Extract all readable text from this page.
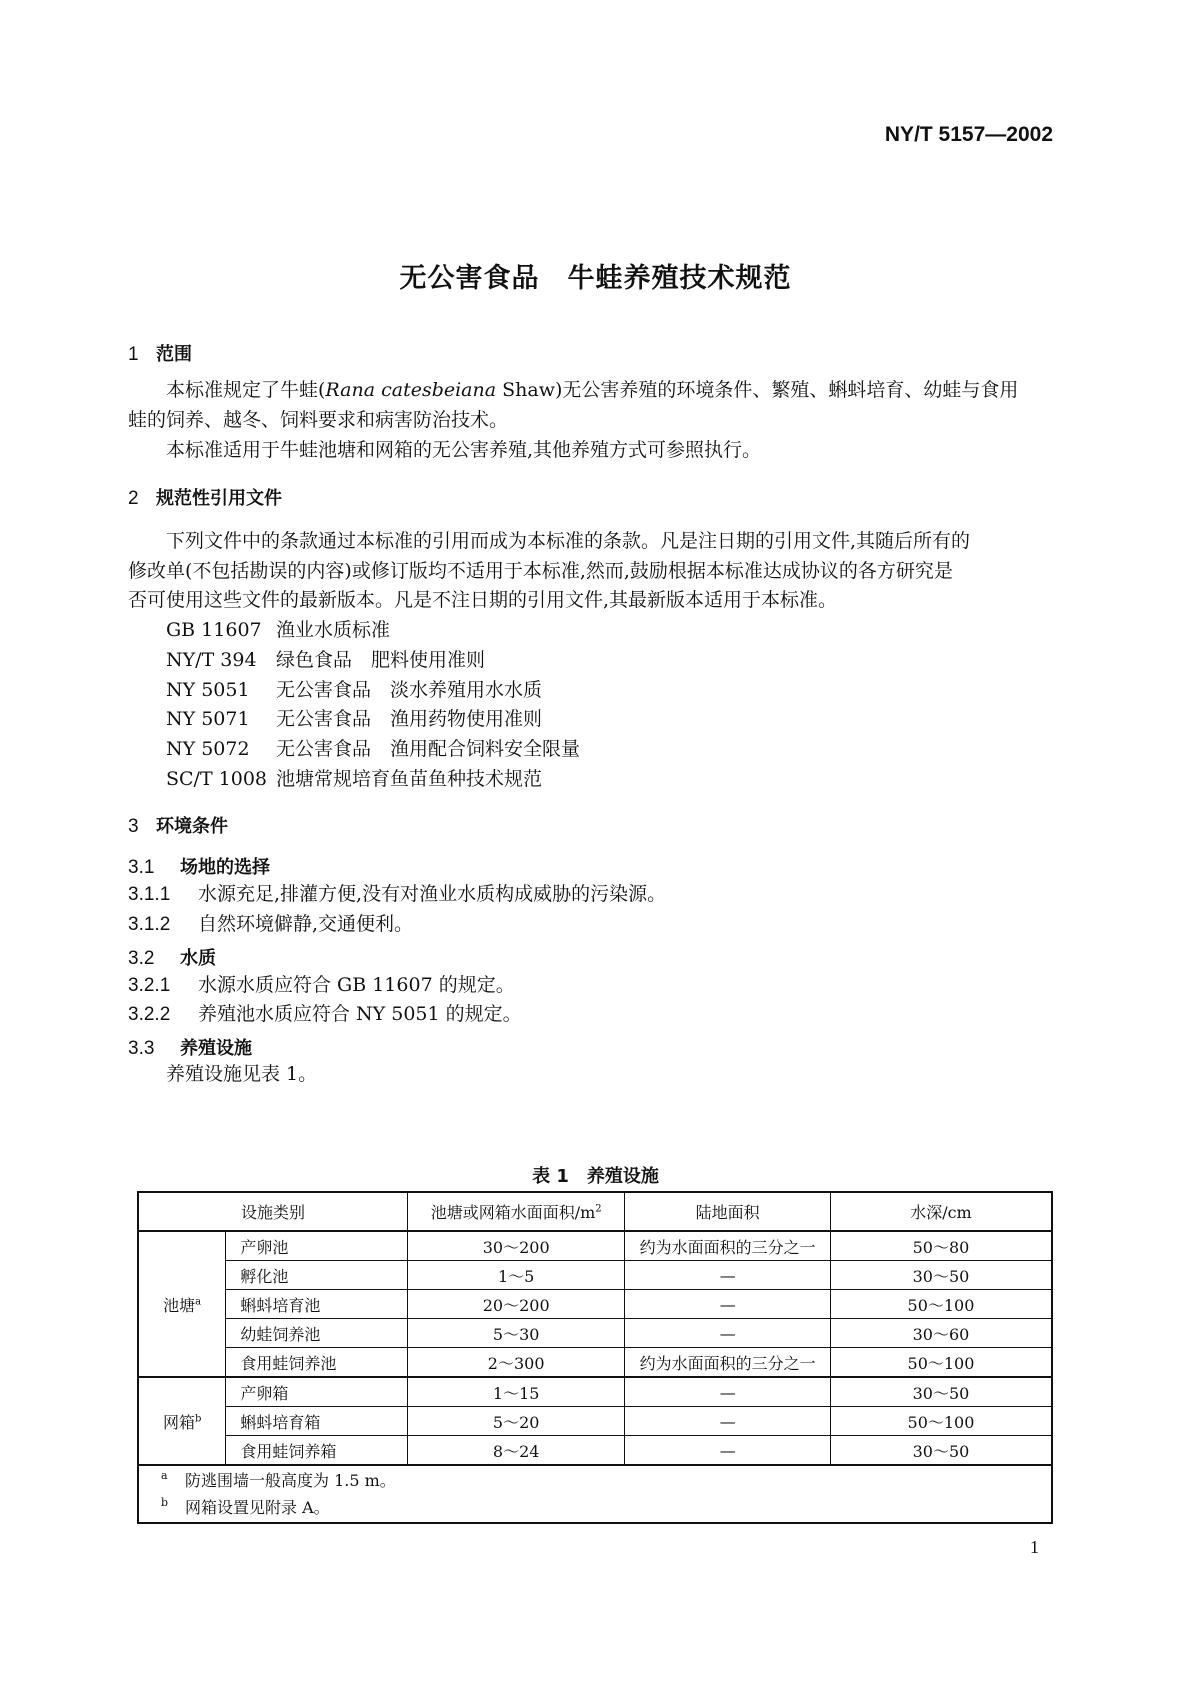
NY/T 5157—2002
无公害食品　牛蛙养殖技术规范
1 范围
本标准规定了牛蛙(Rana catesbeiana Shaw)无公害养殖的环境条件、繁殖、蝌蚪培育、幼蛙与食用
蛙的饲养、越冬、饲料要求和病害防治技术。
本标准适用于牛蛙池塘和网箱的无公害养殖,其他养殖方式可参照执行。
2 规范性引用文件
下列文件中的条款通过本标准的引用而成为本标准的条款。凡是注日期的引用文件,其随后所有的
修改单(不包括勘误的内容)或修订版均不适用于本标准,然而,鼓励根据本标准达成协议的各方研究是
否可使用这些文件的最新版本。凡是不注日期的引用文件,其最新版本适用于本标准。
GB 11607 渔业水质标准
NY/T 394 绿色食品　肥料使用准则
NY 5051 无公害食品　淡水养殖用水水质
NY 5071 无公害食品　渔用药物使用准则
NY 5072 无公害食品　渔用配合饲料安全限量
SC/T 1008 池塘常规培育鱼苗鱼种技术规范
3 环境条件
3.1 场地的选择
3.1.1 水源充足,排灌方便,没有对渔业水质构成威胁的污染源。
3.1.2 自然环境僻静,交通便利。
3.2 水质
3.2.1 水源水质应符合 GB 11607 的规定。
3.2.2 养殖池水质应符合 NY 5051 的规定。
3.3 养殖设施
养殖设施见表 1。
表 1　养殖设施
设施类别		池塘或网箱水面面积$/m^2$	陆地面积	水深/cm
池塘$^a$	产卵池	30～200	约为水面面积的三分之一	50～80
	孵化池	1～5	—	30～50
	蝌蚪培育池	20～200	—	50～100
	幼蛙饲养池	5～30	—	30～60
	食用蛙饲养池	2～300	约为水面面积的三分之一	50～100
网箱$^b$	产卵箱	1～15	—	30～50
	蝌蚪培育箱	5～20	—	50～100
	食用蛙饲养箱	8～24	—	30～50

a 防逃围墙一般高度为 1.5 m。
b 网箱设置见附录 A。				
1
